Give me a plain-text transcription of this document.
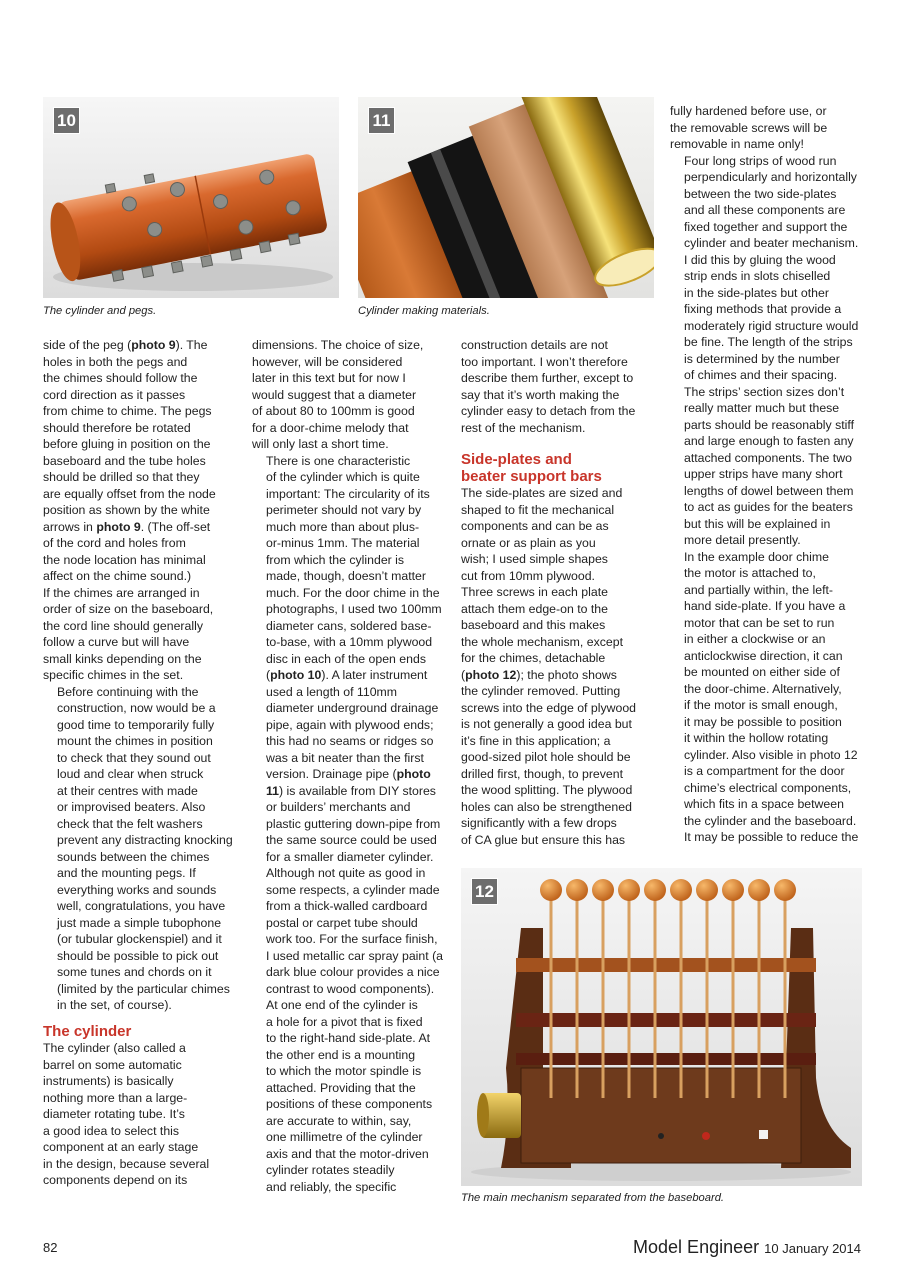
10
The cylinder and pegs.
11
Cylinder making materials.
12
The main mechanism separated from the baseboard.

side of the peg (photo 9). The
holes in both the pegs and
the chimes should follow the
cord direction as it passes
from chime to chime. The pegs
should therefore be rotated
before gluing in position on the
baseboard and the tube holes
should be drilled so that they
are equally offset from the node
position as shown by the white
arrows in photo 9. (The off-set
of the cord and holes from
the node location has minimal
affect on the chime sound.)
If the chimes are arranged in
order of size on the baseboard,
the cord line should generally
follow a curve but will have
small kinks depending on the
specific chimes in the set.

Before continuing with the
construction, now would be a
good time to temporarily fully
mount the chimes in position
to check that they sound out
loud and clear when struck
at their centres with made
or improvised beaters. Also
check that the felt washers
prevent any distracting knocking
sounds between the chimes
and the mounting pegs. If
everything works and sounds
well, congratulations, you have
just made a simple tubophone
(or tubular glockenspiel) and it
should be possible to pick out
some tunes and chords on it
(limited by the particular chimes
in the set, of course).

The cylinder

The cylinder (also called a
barrel on some automatic
instruments) is basically
nothing more than a large-
diameter rotating tube. It’s
a good idea to select this
component at an early stage
in the design, because several
components depend on its

dimensions. The choice of size,
however, will be considered
later in this text but for now I
would suggest that a diameter
of about 80 to 100mm is good
for a door-chime melody that
will only last a short time.

There is one characteristic
of the cylinder which is quite
important: The circularity of its
perimeter should not vary by
much more than about plus-
or-minus 1mm. The material
from which the cylinder is
made, though, doesn’t matter
much. For the door chime in the
photographs, I used two 100mm
diameter cans, soldered base-
to-base, with a 10mm plywood
disc in each of the open ends
(photo 10). A later instrument
used a length of 110mm
diameter underground drainage
pipe, again with plywood ends;
this had no seams or ridges so
was a bit neater than the first
version. Drainage pipe (photo
11) is available from DIY stores
or builders’ merchants and
plastic guttering down-pipe from
the same source could be used
for a smaller diameter cylinder.
Although not quite as good in
some respects, a cylinder made
from a thick-walled cardboard
postal or carpet tube should
work too. For the surface finish,
I used metallic car spray paint (a
dark blue colour provides a nice
contrast to wood components).

At one end of the cylinder is
a hole for a pivot that is fixed
to the right-hand side-plate. At
the other end is a mounting
to which the motor spindle is
attached. Providing that the
positions of these components
are accurate to within, say,
one millimetre of the cylinder
axis and that the motor-driven
cylinder rotates steadily
and reliably, the specific

construction details are not
too important. I won’t therefore
describe them further, except to
say that it’s worth making the
cylinder easy to detach from the
rest of the mechanism.

Side-plates and
beater support bars

The side-plates are sized and
shaped to fit the mechanical
components and can be as
ornate or as plain as you
wish; I used simple shapes
cut from 10mm plywood.
Three screws in each plate
attach them edge-on to the
baseboard and this makes
the whole mechanism, except
for the chimes, detachable
(photo 12); the photo shows
the cylinder removed. Putting
screws into the edge of plywood
is not generally a good idea but
it’s fine in this application; a
good-sized pilot hole should be
drilled first, though, to prevent
the wood splitting. The plywood
holes can also be strengthened
significantly with a few drops
of CA glue but ensure this has

fully hardened before use, or
the removable screws will be
removable in name only!

Four long strips of wood run
perpendicularly and horizontally
between the two side-plates
and all these components are
fixed together and support the
cylinder and beater mechanism.
I did this by gluing the wood
strip ends in slots chiselled
in the side-plates but other
fixing methods that provide a
moderately rigid structure would
be fine. The length of the strips
is determined by the number
of chimes and their spacing.
The strips’ section sizes don’t
really matter much but these
parts should be reasonably stiff
and large enough to fasten any
attached components. The two
upper strips have many short
lengths of dowel between them
to act as guides for the beaters
but this will be explained in
more detail presently.

In the example door chime
the motor is attached to,
and partially within, the left-
hand side-plate. If you have a
motor that can be set to run
in either a clockwise or an
anticlockwise direction, it can
be mounted on either side of
the door-chime. Alternatively,
if the motor is small enough,
it may be possible to position
it within the hollow rotating
cylinder. Also visible in photo 12
is a compartment for the door
chime’s electrical components,
which fits in a space between
the cylinder and the baseboard.
It may be possible to reduce the

82	Model Engineer 10 January 2014
